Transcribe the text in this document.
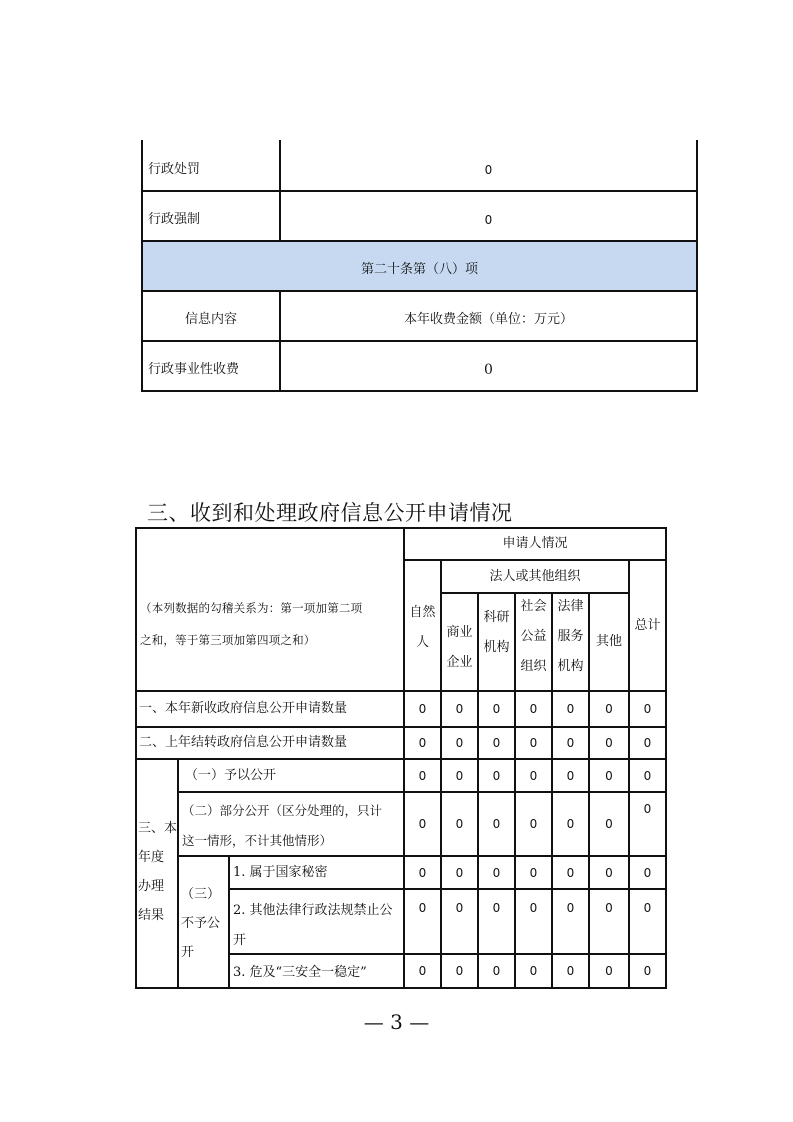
行政处罚	0
行政强制	0
第二十条第（八）项
信息内容	本年收费金额（单位：万元）
行政事业性收费	0
三、收到和处理政府信息公开申请情况
（本列数据的勾稽关系为：第一项加第二项
之和，等于第三项加第四项之和）
申请人情况
自然
人
法人或其他组织
商业
企业
科研
机构
社会
公益
组织
法律
服务
机构
其他
总计
一、本年新收政府信息公开申请数量
二、上年结转政府信息公开申请数量
三、本
年度
办理
结果
（一）予以公开
（二）部分公开（区分处理的，只计
这一情形，不计其他情形）
（三）
不予公
开
1. 属于国家秘密
2. 其他法律行政法规禁止公
开
3. 危及“三安全一稳定”
0	0	0	0	0	0	0
0	0	0	0	0	0	0
0	0	0	0	0	0	0
0	0	0	0	0	0
0
0	0	0	0	0	0	0
0	0	0	0	0	0	0
0	0	0	0	0	0	0
— 3 —
